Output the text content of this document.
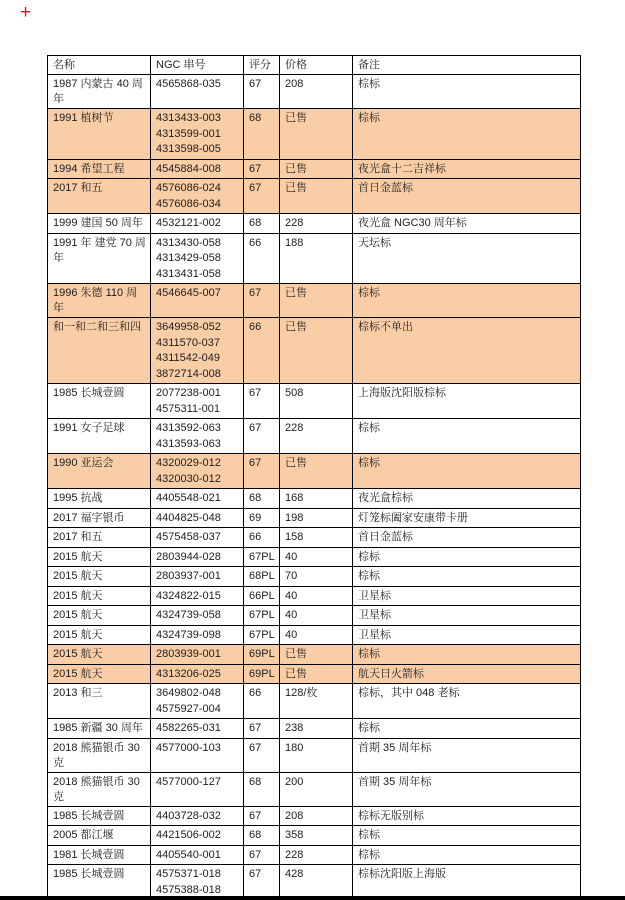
+
名称	NGC 串号	评分	价格	备注
1987 内蒙古 40 周年	4565868-035	67	208	棕标
1991 植树节	4313433-003
4313599-001
4313598-005	68	已售	棕标
1994 希望工程	4545884-008	67	已售	夜光盒十二吉祥标
2017 和五	4576086-024
4576086-034	67	已售	首日金蓝标
1999 建国 50 周年	4532121-002	68	228	夜光盒 NGC30 周年标
1991 年 建党 70 周年	4313430-058
4313429-058
4313431-058	66	188	天坛标
1996 朱德 110 周年	4546645-007	67	已售	棕标
和一和二和三和四	3649958-052
4311570-037
4311542-049
3872714-008	66	已售	棕标不单出
1985 长城壹圆	2077238-001
4575311-001	67	508	上海版沈阳版棕标
1991 女子足球	4313592-063
4313593-063	67	228	棕标
1990 亚运会	4320029-012
4320030-012	67	已售	棕标
1995 抗战	4405548-021	68	168	夜光盒棕标
2017 福字银币	4404825-048	69	198	灯笼标阖家安康带卡册
2017 和五	4575458-037	66	158	首日金蓝标
2015 航天	2803944-028	67PL	40	棕标
2015 航天	2803937-001	68PL	70	棕标
2015 航天	4324822-015	66PL	40	卫星标
2015 航天	4324739-058	67PL	40	卫星标
2015 航天	4324739-098	67PL	40	卫星标
2015 航天	2803939-001	69PL	已售	棕标
2015 航天	4313206-025	69PL	已售	航天日火箭标
2013 和三	3649802-048
4575927-004	66	128/枚	棕标，其中 048 老标
1985 新疆 30 周年	4582265-031	67	238	棕标
2018 熊猫银币 30 克	4577000-103	67	180	首期 35 周年标
2018 熊猫银币 30 克	4577000-127	68	200	首期 35 周年标
1985 长城壹圆	4403728-032	67	208	棕标无版别标
2005 都江堰	4421506-002	68	358	棕标
1981 长城壹圆	4405540-001	67	228	棕标
1985 长城壹圆	4575371-018
4575388-018	67	428	棕标沈阳版上海版
